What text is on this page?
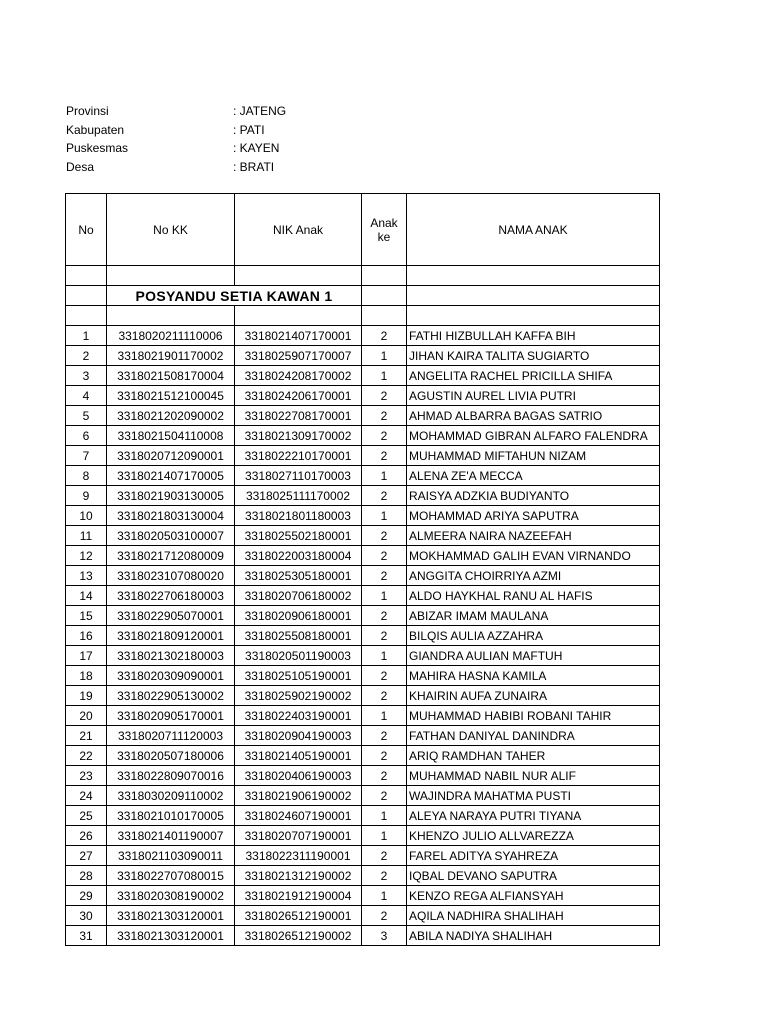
Provinsi	: JATENG
Kabupaten	: PATI
Puskesmas	: KAYEN
Desa	: BRATI
No	No KK	NIK Anak	Anak
ke	NAMA ANAK

	POSYANDU SETIA KAWAN 1			

1	3318020211110006	3318021407170001	2	FATHI HIZBULLAH KAFFA BIH
2	3318021901170002	3318025907170007	1	JIHAN KAIRA TALITA SUGIARTO
3	3318021508170004	3318024208170002	1	ANGELITA RACHEL PRICILLA SHIFA
4	3318021512100045	3318024206170001	2	AGUSTIN AUREL LIVIA PUTRI
5	3318021202090002	3318022708170001	2	AHMAD ALBARRA BAGAS SATRIO
6	3318021504110008	3318021309170002	2	MOHAMMAD GIBRAN ALFARO FALENDRA
7	3318020712090001	3318022210170001	2	MUHAMMAD MIFTAHUN NIZAM
8	3318021407170005	3318027110170003	1	ALENA ZE'A MECCA
9	3318021903130005	3318025111170002	2	RAISYA ADZKIA BUDIYANTO
10	3318021803130004	3318021801180003	1	MOHAMMAD ARIYA SAPUTRA
11	3318020503100007	3318025502180001	2	ALMEERA NAIRA NAZEEFAH
12	3318021712080009	3318022003180004	2	MOKHAMMAD GALIH EVAN VIRNANDO
13	3318023107080020	3318025305180001	2	ANGGITA CHOIRRIYA AZMI
14	3318022706180003	3318020706180002	1	ALDO HAYKHAL RANU AL HAFIS
15	3318022905070001	3318020906180001	2	ABIZAR IMAM MAULANA
16	3318021809120001	3318025508180001	2	BILQIS AULIA AZZAHRA
17	3318021302180003	3318020501190003	1	GIANDRA AULIAN MAFTUH
18	3318020309090001	3318025105190001	2	MAHIRA HASNA KAMILA
19	3318022905130002	3318025902190002	2	KHAIRIN AUFA ZUNAIRA
20	3318020905170001	3318022403190001	1	MUHAMMAD HABIBI ROBANI TAHIR
21	3318020711120003	3318020904190003	2	FATHAN DANIYAL DANINDRA
22	3318020507180006	3318021405190001	2	ARIQ RAMDHAN TAHER
23	3318022809070016	3318020406190003	2	MUHAMMAD NABIL NUR ALIF
24	3318030209110002	3318021906190002	2	WAJINDRA MAHATMA PUSTI
25	3318021010170005	3318024607190001	1	ALEYA NARAYA PUTRI TIYANA
26	3318021401190007	3318020707190001	1	KHENZO JULIO ALLVAREZZA
27	3318021103090011	3318022311190001	2	FAREL ADITYA SYAHREZA
28	3318022707080015	3318021312190002	2	IQBAL DEVANO SAPUTRA
29	3318020308190002	3318021912190004	1	KENZO REGA ALFIANSYAH
30	3318021303120001	3318026512190001	2	AQILA NADHIRA SHALIHAH
31	3318021303120001	3318026512190002	3	ABILA NADIYA SHALIHAH
